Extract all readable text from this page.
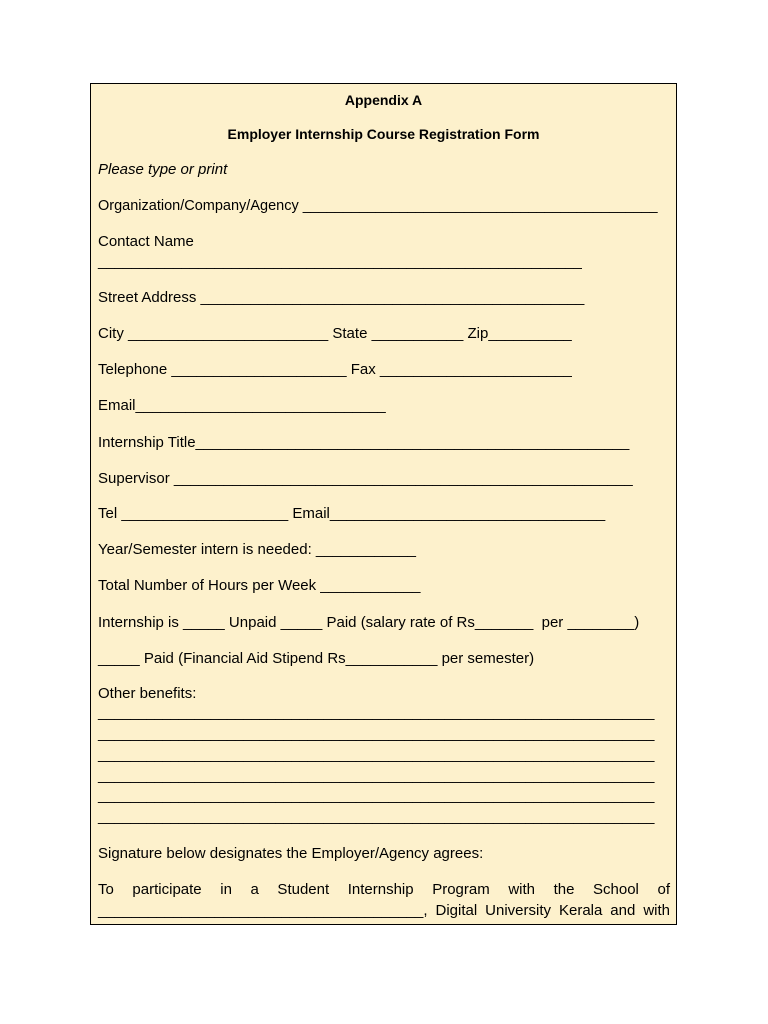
Appendix A
Employer Internship Course Registration Form
Please type or print
Organization/Company/Agency ____________________________________________
Contact Name
__________________________________________________________
Street Address ______________________________________________
City ________________________ State ___________ Zip__________
Telephone _____________________ Fax _______________________
Email______________________________
Internship Title____________________________________________________
Supervisor _______________________________________________________
Tel ____________________ Email_________________________________
Year/Semester intern is needed: ____________
Total Number of Hours per Week ____________
Internship is _____ Unpaid _____ Paid (salary rate of Rs_______  per ________)
_____ Paid (Financial Aid Stipend Rs___________ per semester)
Other benefits:
_____________________________________________________________________
_____________________________________________________________________
_____________________________________________________________________
_____________________________________________________________________
_____________________________________________________________________
_____________________________________________________________________
Signature below designates the Employer/Agency agrees:
To participate in a Student Internship Program with the School of
_______________________________________, Digital University Kerala and with
